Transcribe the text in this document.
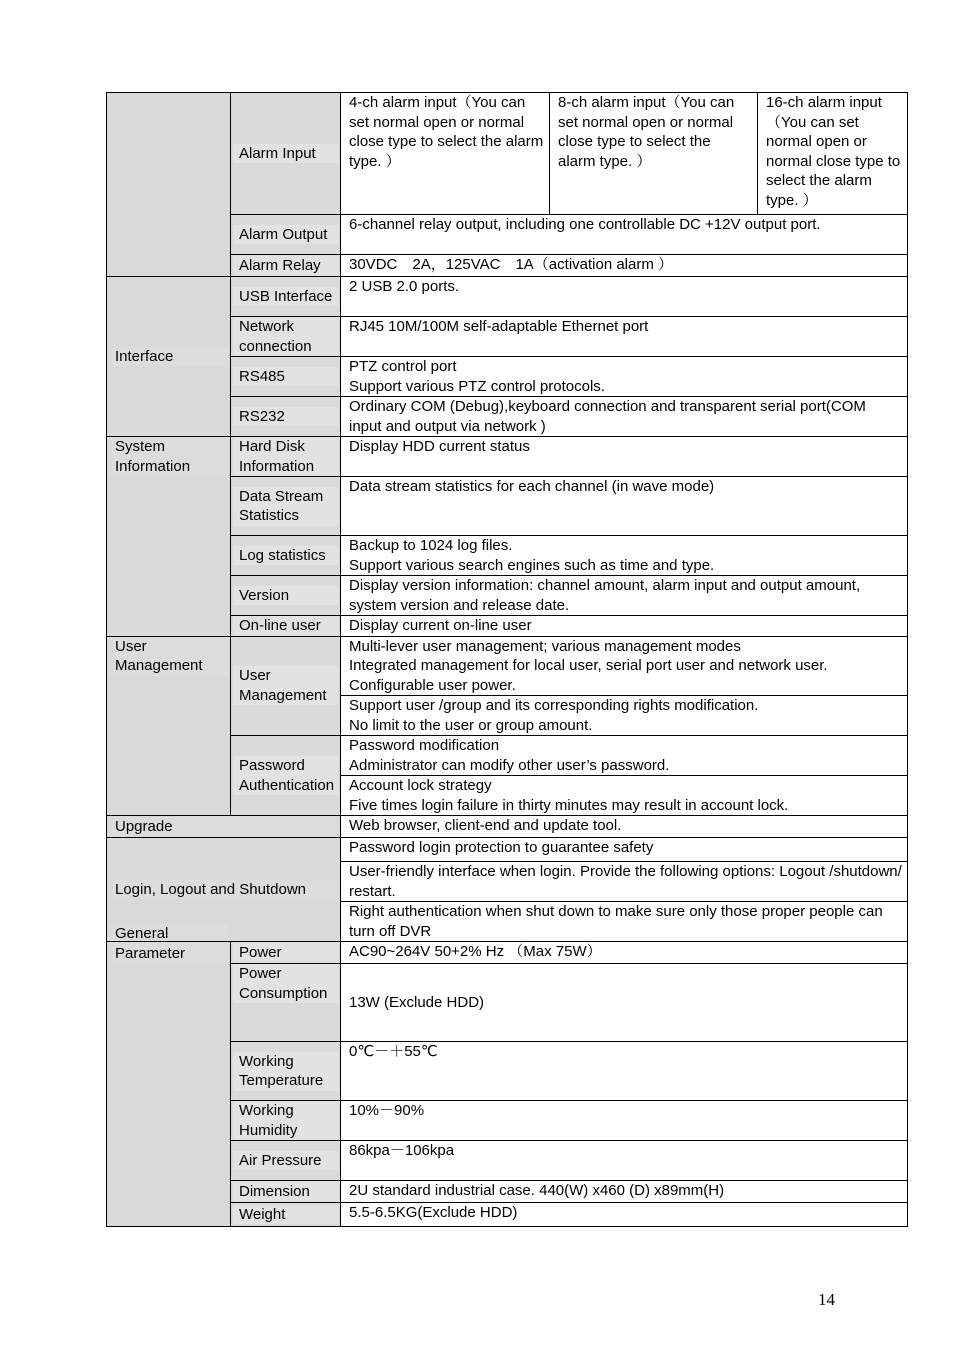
	Alarm Input	4-ch alarm input（You can set normal open or normal close type to select the alarm type. ）	8-ch alarm input（You can set normal open or normal close type to select the alarm type. ）	16-ch alarm input（You can set normal open or normal close type to select the alarm type. ）

	Alarm Output	6-channel relay output, including one controllable DC +12V output port.		

	Alarm Relay	30VDC　2A，125VAC　1A（activation alarm ）		

Interface	USB Interface	2 USB 2.0 ports.		

	Network connection	RJ45 10M/100M self-adaptable Ethernet port		

	RS485	PTZ control port
Support various PTZ control protocols.		

	RS232	Ordinary COM (Debug),keyboard connection and transparent serial port(COM input and output via network )		

System Information	Hard Disk Information	Display HDD current status		

	Data Stream Statistics	Data stream statistics for each channel (in wave mode)		

	Log statistics	Backup to 1024 log files.
Support various search engines such as time and type.		

	Version	Display version information: channel amount, alarm input and output amount, system version and release date.		

	On-line user	Display current on-line user		

User Management	User Management	Multi-lever user management; various management modes
Integrated management for local user, serial port user and network user.
Configurable user power.		

		Support user /group and its corresponding rights modification.
No limit to the user or group amount.		

	Password Authentication	Password modification
Administrator can modify other user’s password.		

		Account lock strategy
Five times login failure in thirty minutes may result in account lock.		

Upgrade		Web browser, client-end and update tool.		

Login, Logout and Shutdown		Password login protection to guarantee safety		
		User-friendly interface when login. Provide the following options: Logout /shutdown/ restart.		
		Right authentication when shut down to make sure only those proper people can turn off DVR		

General Parameter	Power	AC90~264V 50+2% Hz （Max 75W）		

	Power Consumption	13W (Exclude HDD)		

	Working Temperature	0℃－＋55℃		

	Working Humidity	10%－90%		

	Air Pressure	86kpa－106kpa		

	Dimension	2U standard industrial case. 440(W) x460 (D) x89mm(H)		

	Weight	5.5-6.5KG(Exclude HDD)		
14
